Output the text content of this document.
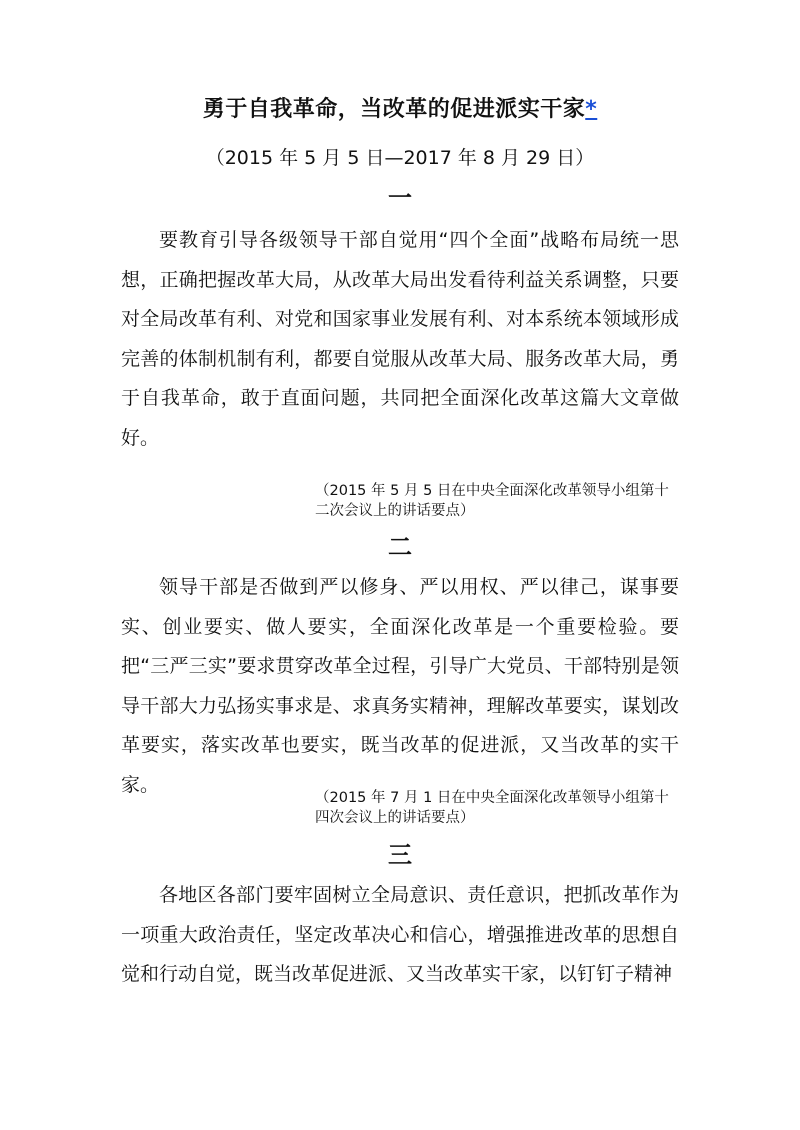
勇于自我革命，当改革的促进派实干家*
（2015 年 5 月 5 日—2017 年 8 月 29 日）
一

要教育引导各级领导干部自觉用“四个全面”战略布局统一思想，正确把握改革大局，从改革大局出发看待利益关系调整，只要对全局改革有利、对党和国家事业发展有利、对本系统本领域形成完善的体制机制有利，都要自觉服从改革大局、服务改革大局，勇于自我革命，敢于直面问题，共同把全面深化改革这篇大文章做好。

（2015 年 5 月 5 日在中央全面深化改革领导小组第十二次会议上的讲话要点）

二

领导干部是否做到严以修身、严以用权、严以律己，谋事要实、创业要实、做人要实，全面深化改革是一个重要检验。要把“三严三实”要求贯穿改革全过程，引导广大党员、干部特别是领导干部大力弘扬实事求是、求真务实精神，理解改革要实，谋划改革要实，落实改革也要实，既当改革的促进派，又当改革的实干家。

（2015 年 7 月 1 日在中央全面深化改革领导小组第十四次会议上的讲话要点）

三

各地区各部门要牢固树立全局意识、责任意识，把抓改革作为一项重大政治责任，坚定改革决心和信心，增强推进改革的思想自觉和行动自觉，既当改革促进派、又当改革实干家，以钉钉子精神
